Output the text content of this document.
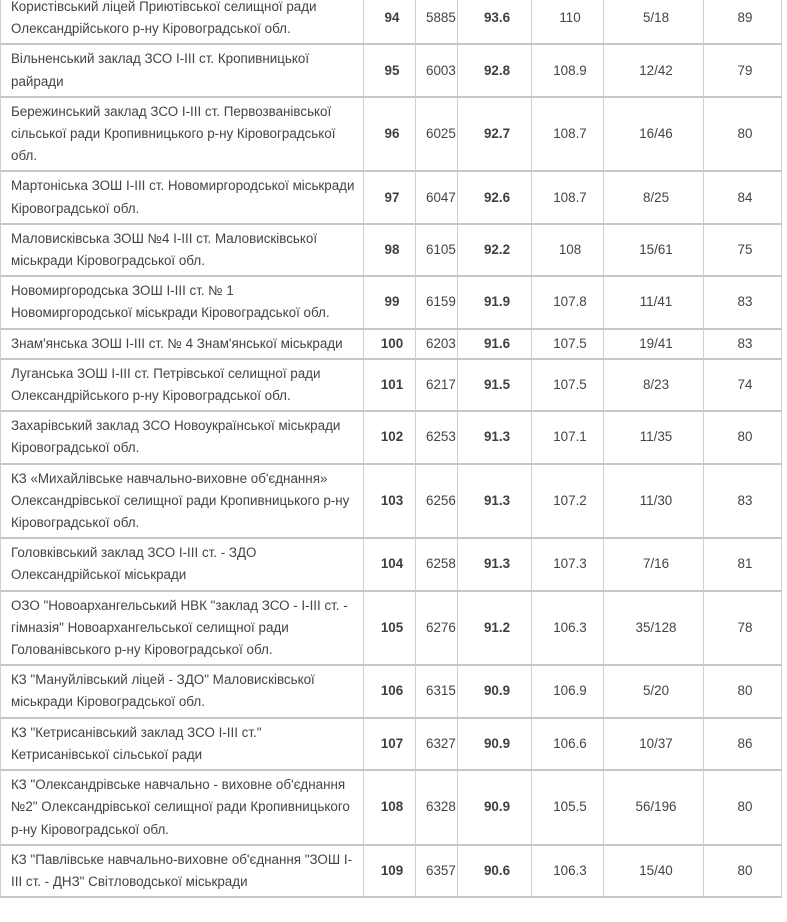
Користівський ліцей Приютівської селищної ради Олександрійського р-ну Кіровоградської обл.	94	5885	93.6	110	5/18	89
Вільненський заклад ЗСО І-ІІІ ст. Кропивницької райради	95	6003	92.8	108.9	12/42	79
Бережинський заклад ЗСО І-ІІІ ст. Первозванівської сільської ради Кропивницького р-ну Кіровоградської обл.	96	6025	92.7	108.7	16/46	80
Мартоніська ЗОШ І-ІІІ ст. Новомиргородської міськради Кіровоградської обл.	97	6047	92.6	108.7	8/25	84
Маловисківська ЗОШ №4 І-ІІІ ст. Маловисківської міськради Кіровоградської обл.	98	6105	92.2	108	15/61	75
Новомиргородська ЗОШ І-ІІІ ст. № 1 Новомиргородської міськради Кіровоградської обл.	99	6159	91.9	107.8	11/41	83
Знам'янська ЗОШ І-ІІІ ст. № 4 Знам'янської міськради	100	6203	91.6	107.5	19/41	83
Луганська ЗОШ І-ІІІ ст. Петрівської селищної ради Олександрійського р-ну Кіровоградської обл.	101	6217	91.5	107.5	8/23	74
Захарівський заклад ЗСО Новоукраїнської міськради Кіровоградської обл.	102	6253	91.3	107.1	11/35	80
КЗ «Михайлівське навчально-виховне об'єднання» Олександрівської селищної ради Кропивницького р-ну Кіровоградської обл.	103	6256	91.3	107.2	11/30	83
Головківський заклад ЗСО І-ІІІ ст. - ЗДО Олександрійської міськради	104	6258	91.3	107.3	7/16	81
ОЗО "Новоархангельський НВК "заклад ЗСО - І-ІІІ ст. - гімназія" Новоархангельської селищної ради Голованівського р-ну Кіровоградської обл.	105	6276	91.2	106.3	35/128	78
КЗ "Мануйлівський ліцей - ЗДО" Маловисківської міськради Кіровоградської обл.	106	6315	90.9	106.9	5/20	80
КЗ "Кетрисанівський заклад ЗСО І-ІІІ ст." Кетрисанівської сільської ради	107	6327	90.9	106.6	10/37	86
КЗ "Олександрівське навчально - виховне об'єднання №2" Олександрівської селищної ради Кропивницького р-ну Кіровоградської обл.	108	6328	90.9	105.5	56/196	80
КЗ "Павлівське навчально-виховне об'єднання "ЗОШ І-ІІІ ст. - ДНЗ" Світловодської міськради	109	6357	90.6	106.3	15/40	80
